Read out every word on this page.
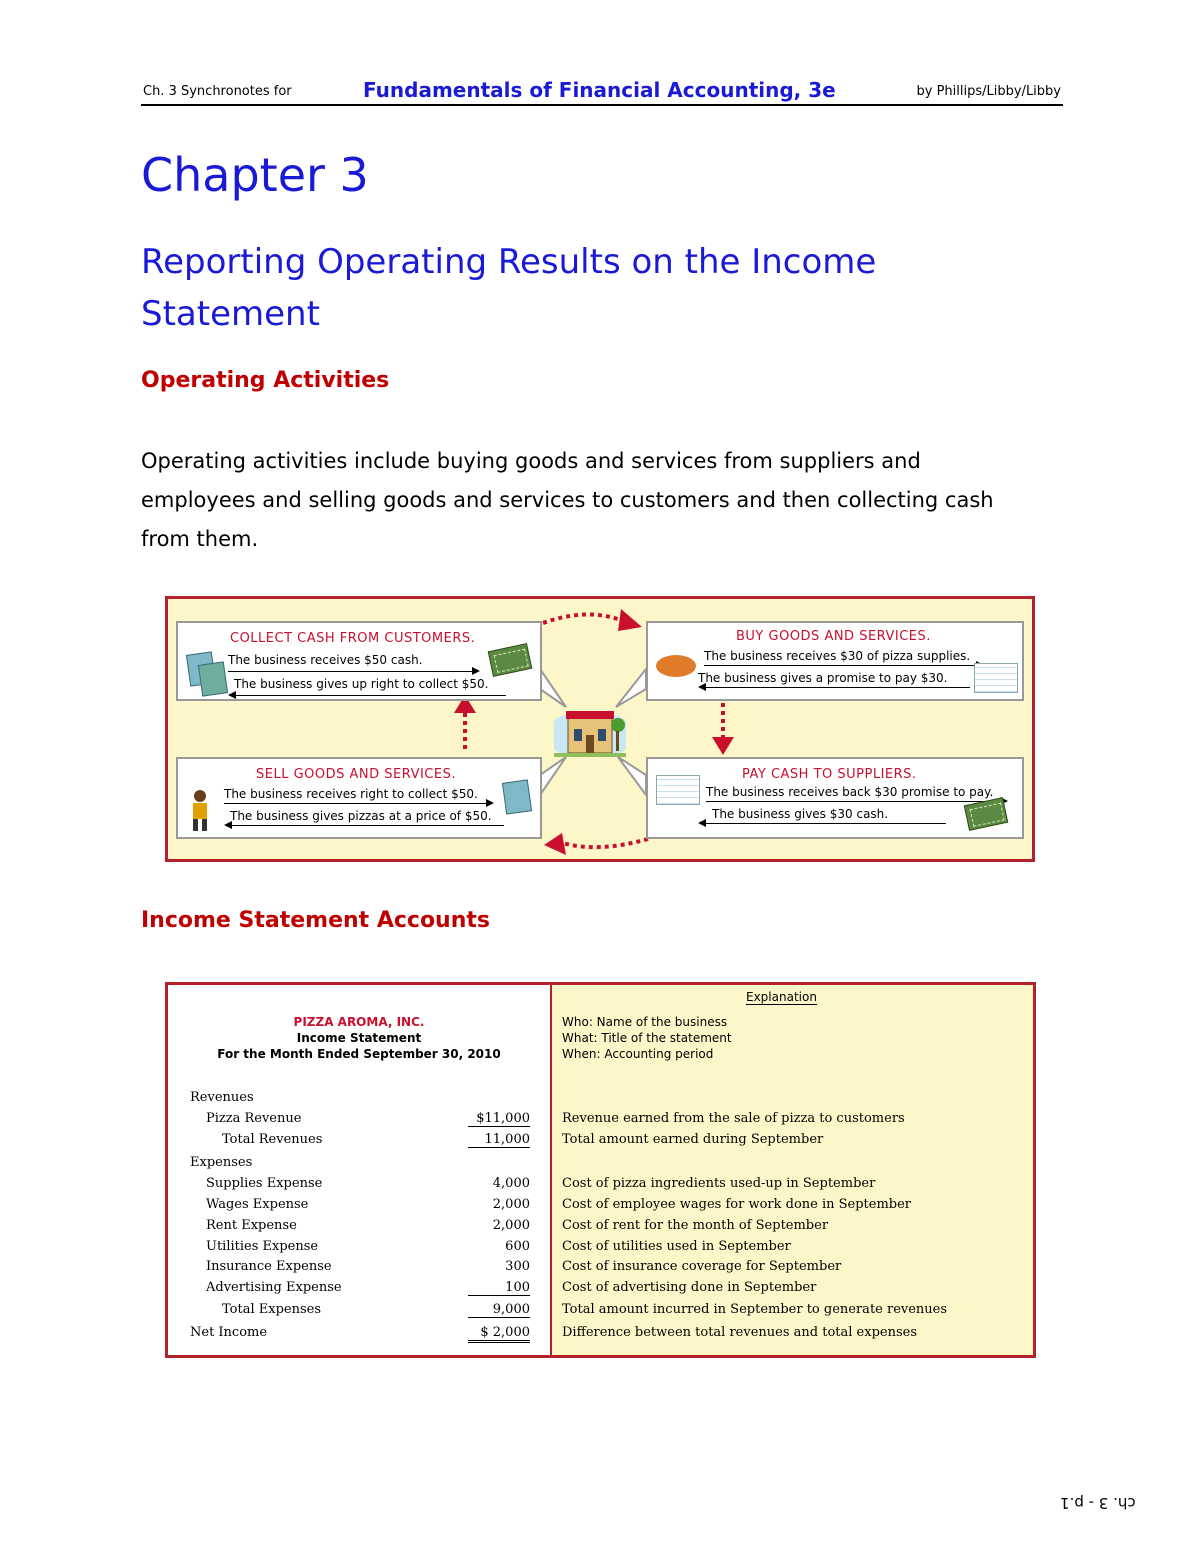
Ch. 3 Synchronotes for	Fundamentals of Financial Accounting, 3e	by Phillips/Libby/Libby
Chapter 3
Reporting Operating Results on the Income
Statement
Operating Activities
Operating activities include buying goods and services from suppliers and
employees and selling goods and services to customers and then collecting cash
from them.
COLLECT CASH FROM CUSTOMERS.
The business receives $50 cash.
The business gives up right to collect $50.
BUY GOODS AND SERVICES.
The business receives $30 of pizza supplies.
The business gives a promise to pay $30.
SELL GOODS AND SERVICES.
The business receives right to collect $50.
The business gives pizzas at a price of $50.
PAY CASH TO SUPPLIERS.
The business receives back $30 promise to pay.
The business gives $30 cash.
Income Statement Accounts
Explanation
PIZZA AROMA, INC.
Income Statement
For the Month Ended September 30, 2010
Who: Name of the business
What: Title of the statement
When: Accounting period
Revenues
Pizza Revenue	$11,000 Revenue earned from the sale of pizza to customers
Total Revenues	11,000 Total amount earned during September
Expenses
Supplies Expense	4,000 Cost of pizza ingredients used-up in September
Wages Expense	2,000 Cost of employee wages for work done in September
Rent Expense	2,000 Cost of rent for the month of September
Utilities Expense	600 Cost of utilities used in September
Insurance Expense	300 Cost of insurance coverage for September
Advertising Expense	100 Cost of advertising done in September
Total Expenses	9,000 Total amount incurred in September to generate revenues
Net Income	$ 2,000 Difference between total revenues and total expenses
ch. 3 - p.1
